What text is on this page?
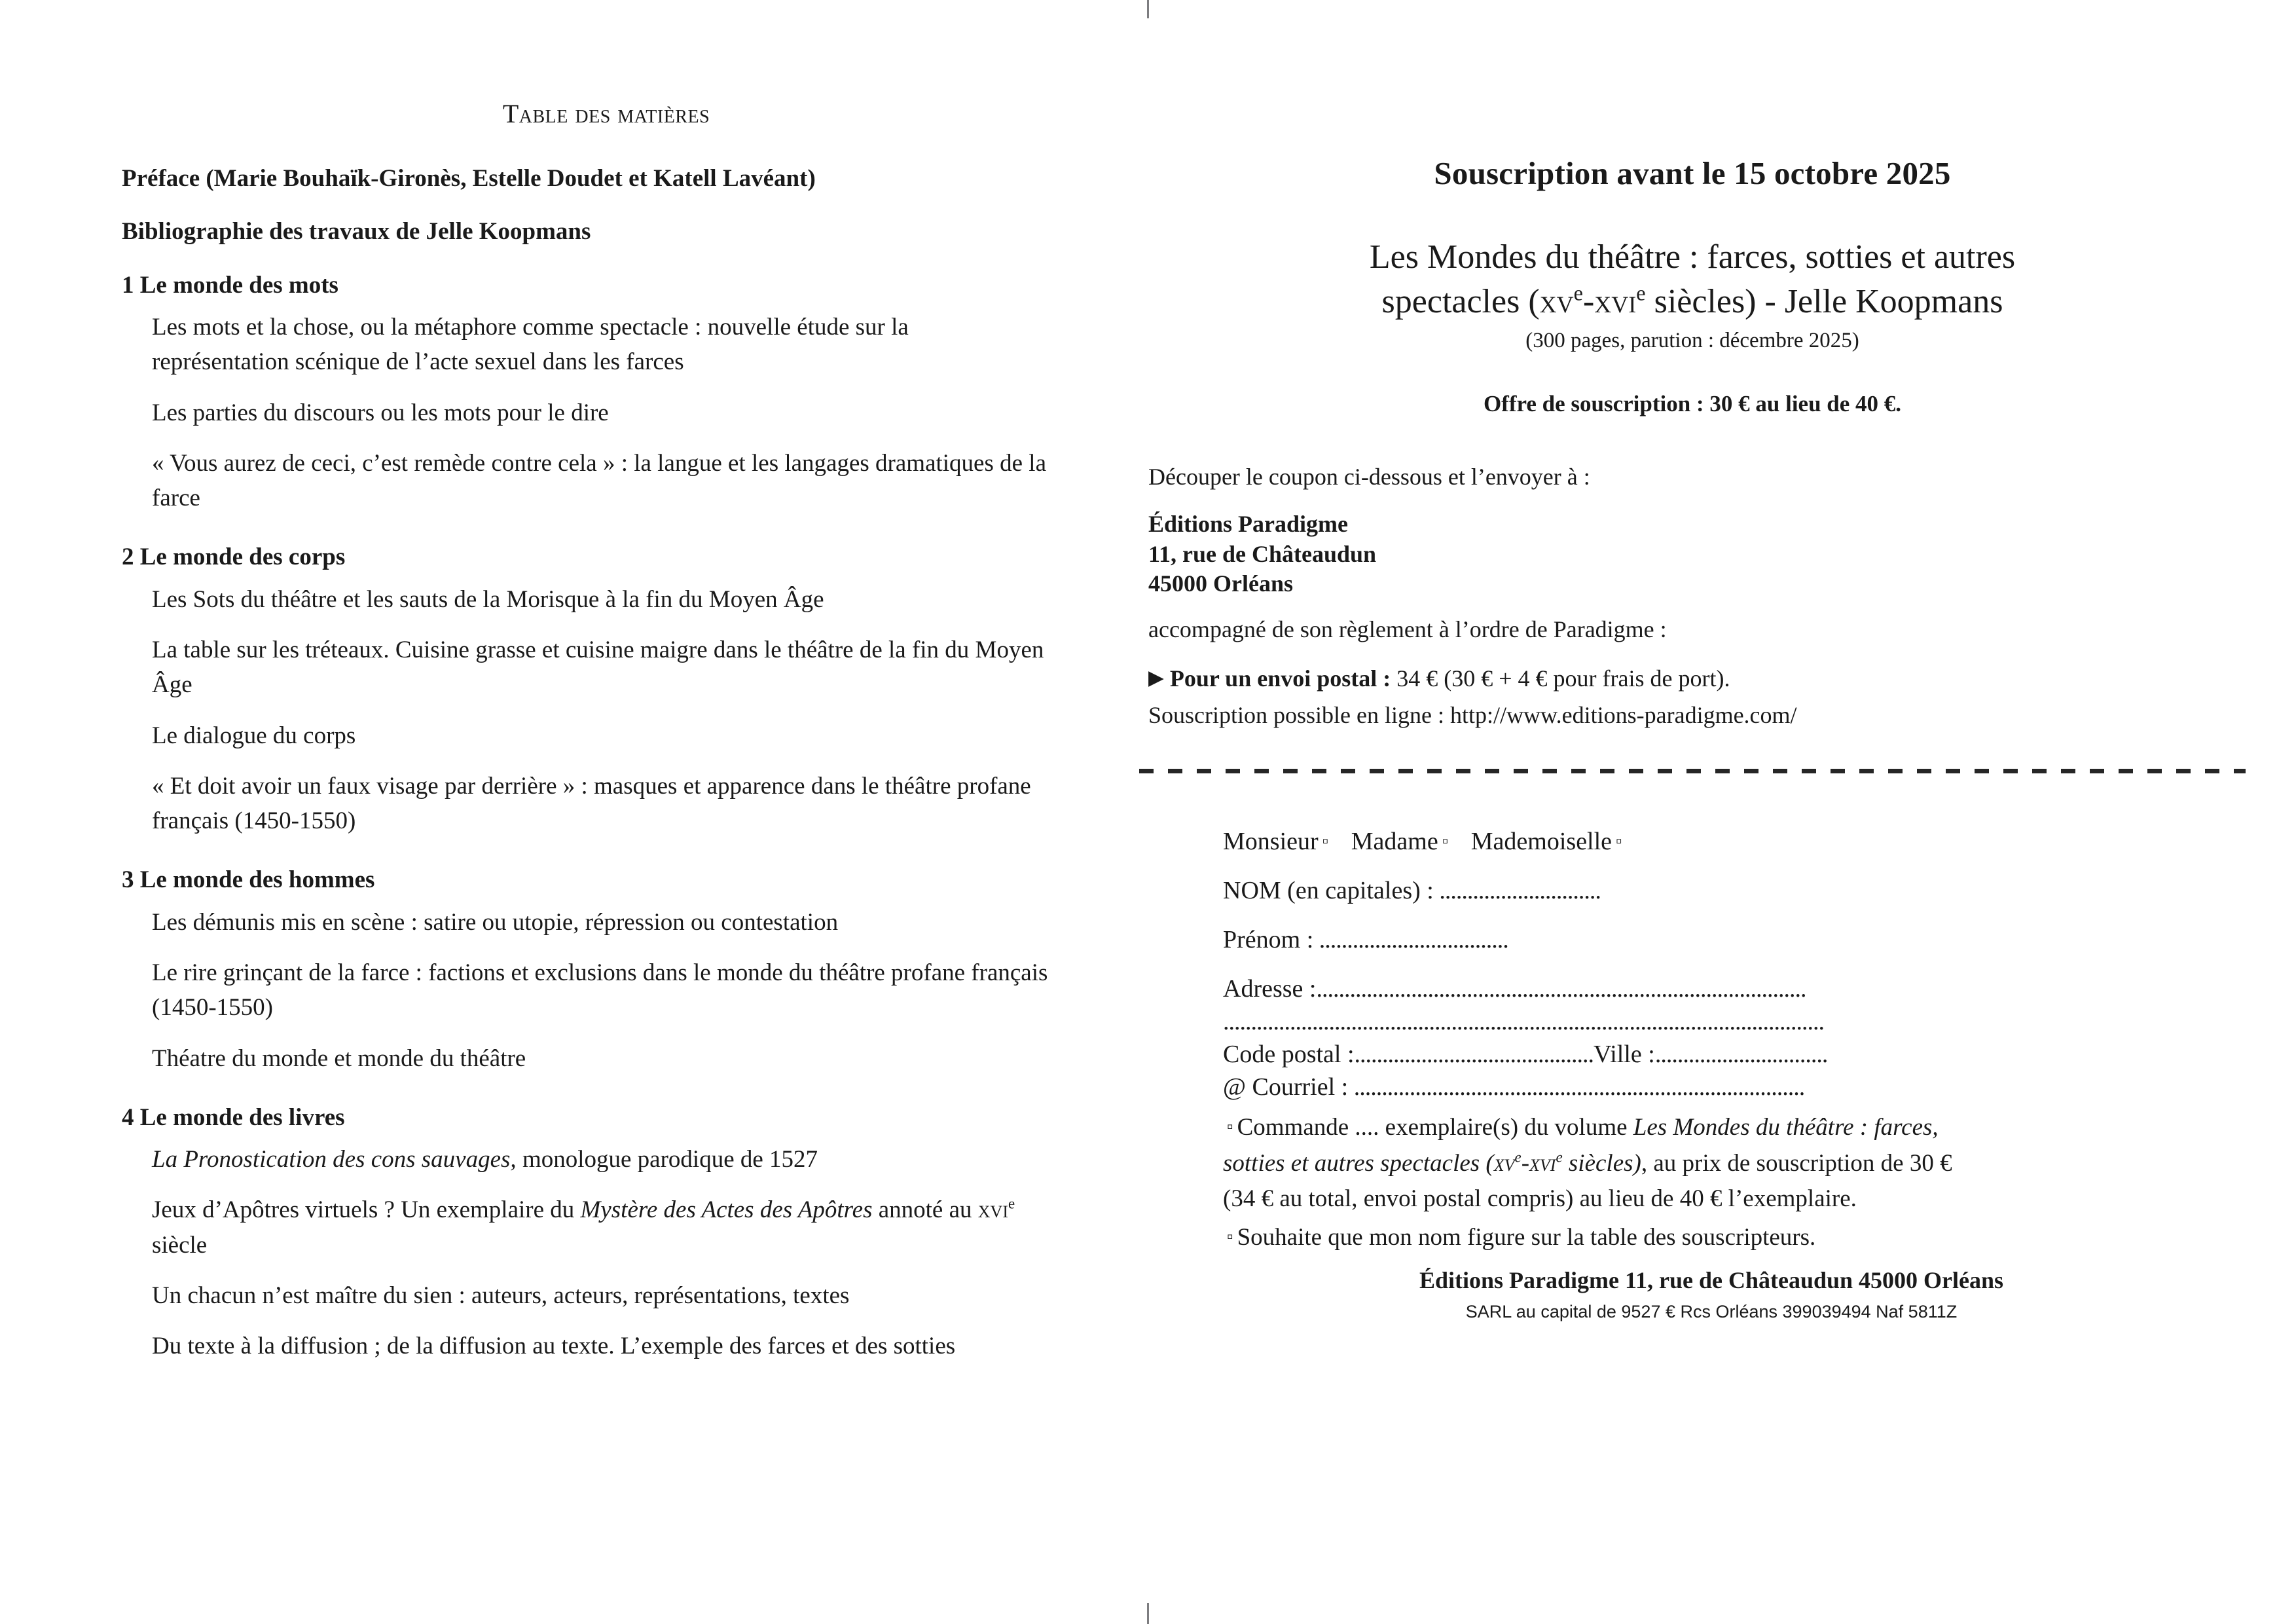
Table des matières
Préface (Marie Bouhaïk-Gironès, Estelle Doudet et Katell Lavéant)
Bibliographie des travaux de Jelle Koopmans
1 Le monde des mots
Les mots et la chose, ou la métaphore comme spectacle : nouvelle étude sur la représentation scénique de l’acte sexuel dans les farces
Les parties du discours ou les mots pour le dire
« Vous aurez de ceci, c’est remède contre cela » : la langue et les langages dramatiques de la farce
2 Le monde des corps
Les Sots du théâtre et les sauts de la Morisque à la fin du Moyen Âge
La table sur les tréteaux. Cuisine grasse et cuisine maigre dans le théâtre de la fin du Moyen Âge
Le dialogue du corps
« Et doit avoir un faux visage par derrière » : masques et apparence dans le théâtre profane français (1450-1550)
3 Le monde des hommes
Les démunis mis en scène : satire ou utopie, répression ou contestation
Le rire grinçant de la farce : factions et exclusions dans le monde du théâtre profane français (1450-1550)
Théatre du monde et monde du théâtre
4 Le monde des livres
La Pronostication des cons sauvages, monologue parodique de 1527
Jeux d’Apôtres virtuels ? Un exemplaire du Mystère des Actes des Apôtres annoté au xvi$^e$ siècle
Un chacun n’est maître du sien : auteurs, acteurs, représentations, textes
Du texte à la diffusion ; de la diffusion au texte. L’exemple des farces et des sotties
Souscription avant le 15 octobre 2025
Les Mondes du théâtre : farces, sotties et autres
spectacles ($xv^e-xvi^e$ siècles) - Jelle Koopmans
(300 pages, parution : décembre 2025)
Offre de souscription : 30 € au lieu de 40 €.
Découper le coupon ci-dessous et l’envoyer à :
Éditions Paradigme
11, rue de Châteaudun
45000 Orléans
accompagné de son règlement à l’ordre de Paradigme :
▶ Pour un envoi postal : 34 € (30 € + 4 € pour frais de port).
Souscription possible en ligne : http://www.editions-paradigme.com/
Monsieur ▫ Madame ▫ Mademoiselle ▫
NOM (en capitales) : .............................
Prénom : ..................................
Adresse :........................................................................................
............................................................................................................
Code postal :...........................................Ville :...............................
@ Courriel : .................................................................................
▫ Commande .... exemplaire(s) du volume Les Mondes du théâtre : farces,
sotties et autres spectacles ($xv^e-xvi^e$ siècles), au prix de souscription de 30 €
(34 € au total, envoi postal compris) au lieu de 40 € l’exemplaire.
▫ Souhaite que mon nom figure sur la table des souscripteurs.
Éditions Paradigme 11, rue de Châteaudun 45000 Orléans
SARL au capital de 9527 € Rcs Orléans 399039494 Naf 5811Z
